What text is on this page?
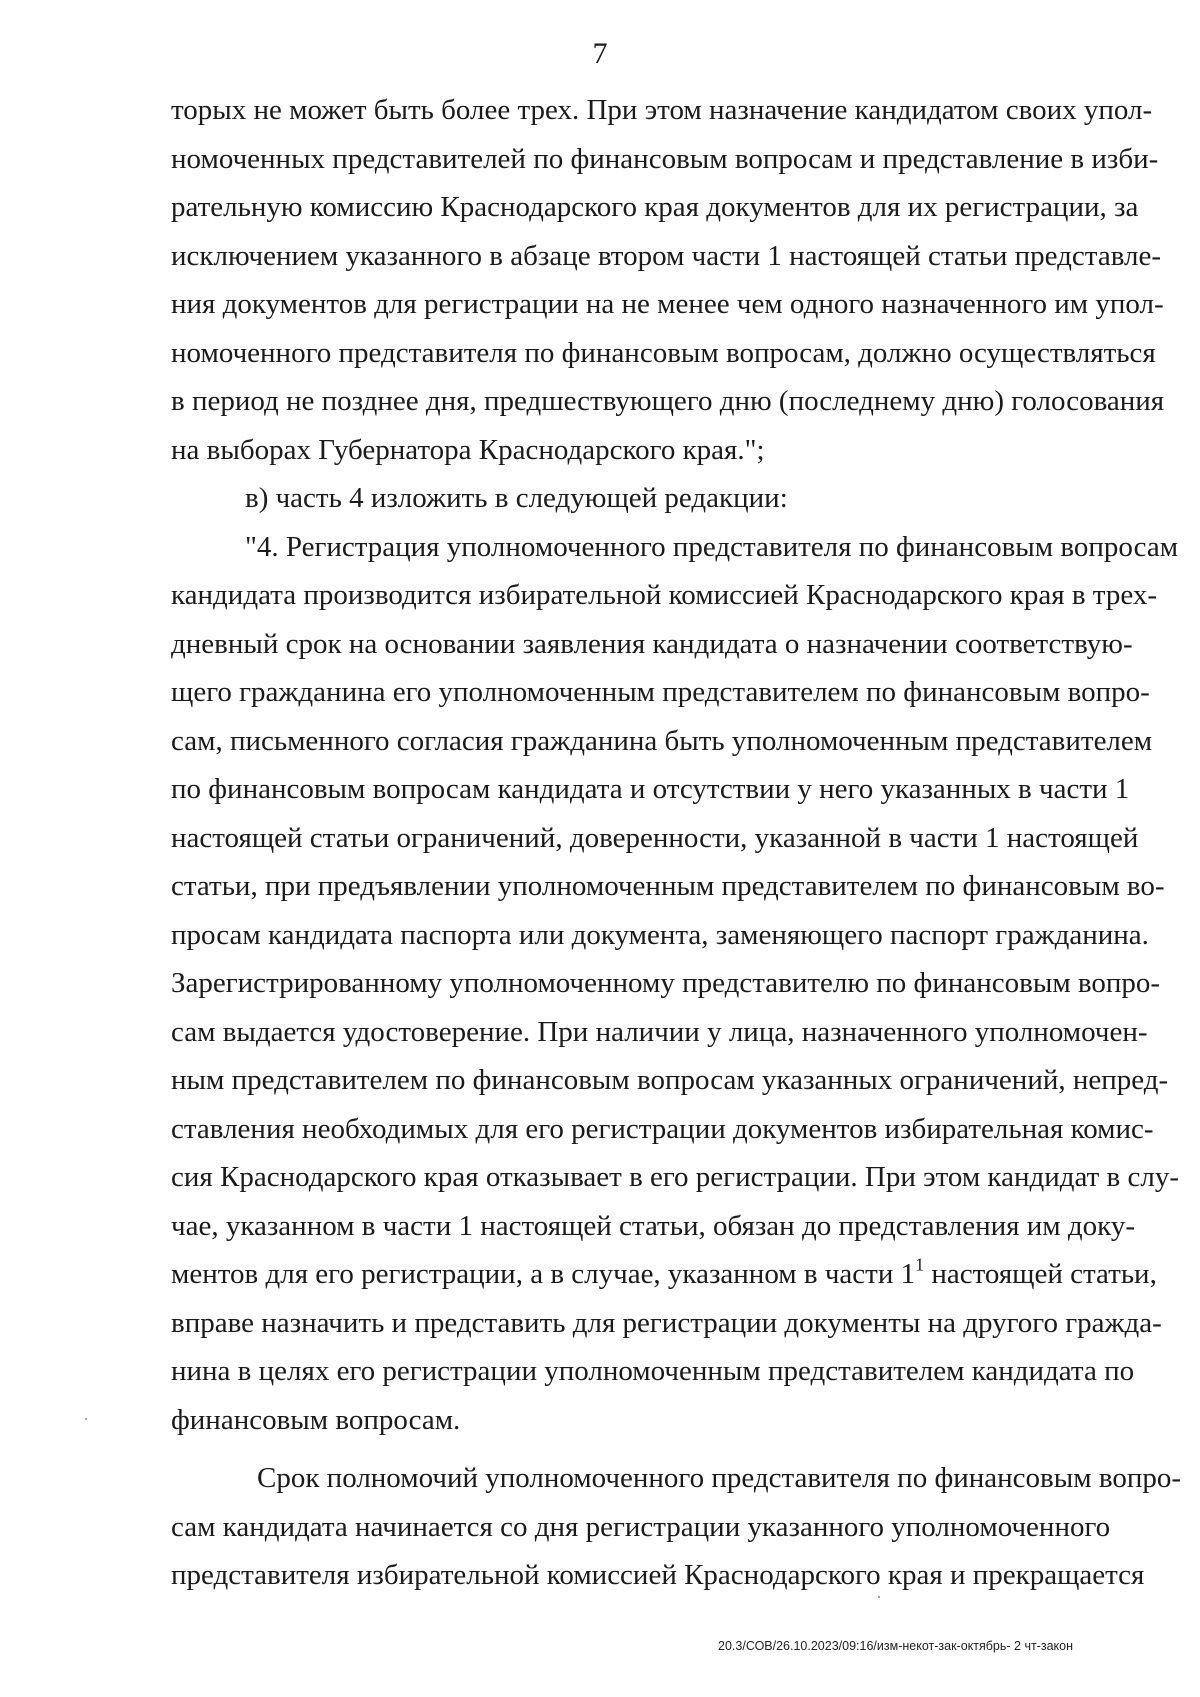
7
торых не может быть более трех. При этом назначение кандидатом своих упол-
номоченных представителей по финансовым вопросам и представление в изби-
рательную комиссию Краснодарского края документов для их регистрации, за
исключением указанного в абзаце втором части 1 настоящей статьи представле-
ния документов для регистрации на не менее чем одного назначенного им упол-
номоченного представителя по финансовым вопросам, должно осуществляться
в период не позднее дня, предшествующего дню (последнему дню) голосования
на выборах Губернатора Краснодарского края.";
в) часть 4 изложить в следующей редакции:
"4. Регистрация уполномоченного представителя по финансовым вопросам
кандидата производится избирательной комиссией Краснодарского края в трех-
дневный срок на основании заявления кандидата о назначении соответствую-
щего гражданина его уполномоченным представителем по финансовым вопро-
сам, письменного согласия гражданина быть уполномоченным представителем
по финансовым вопросам кандидата и отсутствии у него указанных в части 1
настоящей статьи ограничений, доверенности, указанной в части 1 настоящей
статьи, при предъявлении уполномоченным представителем по финансовым во-
просам кандидата паспорта или документа, заменяющего паспорт гражданина.
Зарегистрированному уполномоченному представителю по финансовым вопро-
сам выдается удостоверение. При наличии у лица, назначенного уполномочен-
ным представителем по финансовым вопросам указанных ограничений, непред-
ставления необходимых для его регистрации документов избирательная комис-
сия Краснодарского края отказывает в его регистрации. При этом кандидат в слу-
чае, указанном в части 1 настоящей статьи, обязан до представления им доку-
ментов для его регистрации, а в случае, указанном в части $1^1$ настоящей статьи,
вправе назначить и представить для регистрации документы на другого гражда-
нина в целях его регистрации уполномоченным представителем кандидата по
финансовым вопросам.
Срок полномочий уполномоченного представителя по финансовым вопро-
сам кандидата начинается со дня регистрации указанного уполномоченного
представителя избирательной комиссией Краснодарского края и прекращается
20.3/СОВ/26.10.2023/09:16/изм-некот-зак-октябрь- 2 чт-закон
